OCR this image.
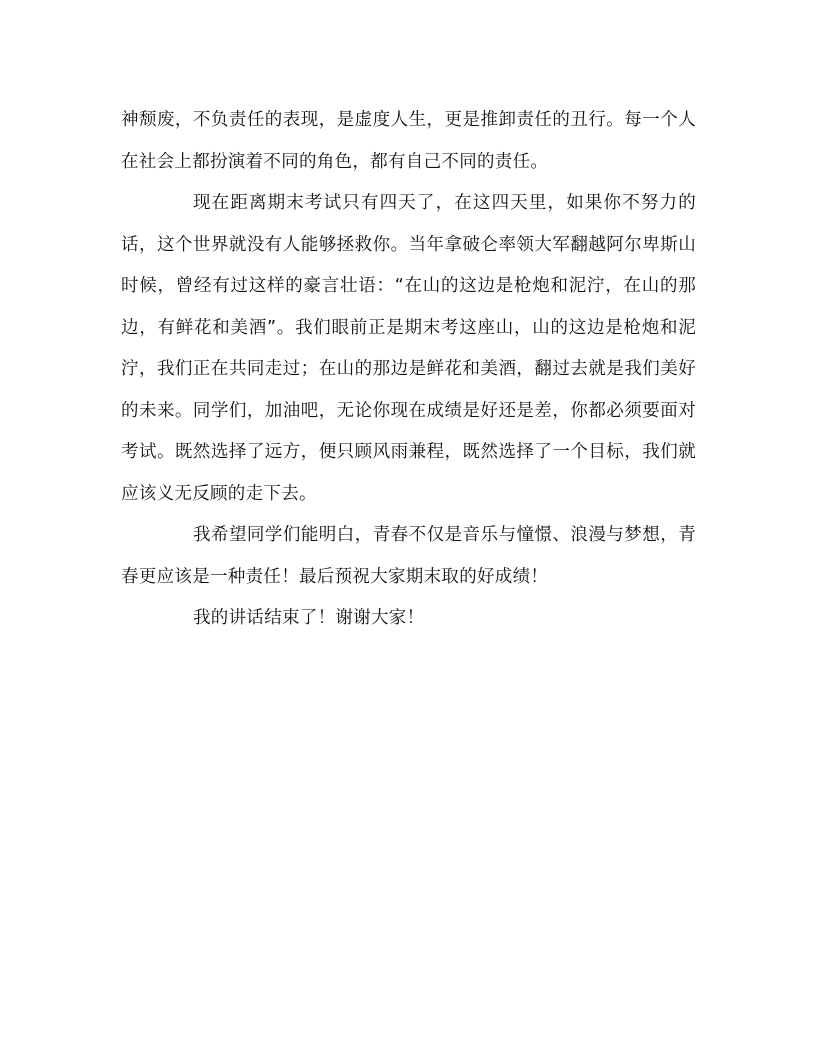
神颓废，不负责任的表现，是虚度人生，更是推卸责任的丑行。每一个人在社会上都扮演着不同的角色，都有自己不同的责任。

现在距离期末考试只有四天了，在这四天里，如果你不努力的话，这个世界就没有人能够拯救你。当年拿破仑率领大军翻越阿尔卑斯山时候，曾经有过这样的豪言壮语：“在山的这边是枪炮和泥泞，在山的那边，有鲜花和美酒”。我们眼前正是期末考这座山，山的这边是枪炮和泥泞，我们正在共同走过；在山的那边是鲜花和美酒，翻过去就是我们美好的未来。同学们，加油吧，无论你现在成绩是好还是差，你都必须要面对考试。既然选择了远方，便只顾风雨兼程，既然选择了一个目标，我们就应该义无反顾的走下去。

我希望同学们能明白，青春不仅是音乐与憧憬、浪漫与梦想，青春更应该是一种责任！最后预祝大家期末取的好成绩！

我的讲话结束了！谢谢大家！
